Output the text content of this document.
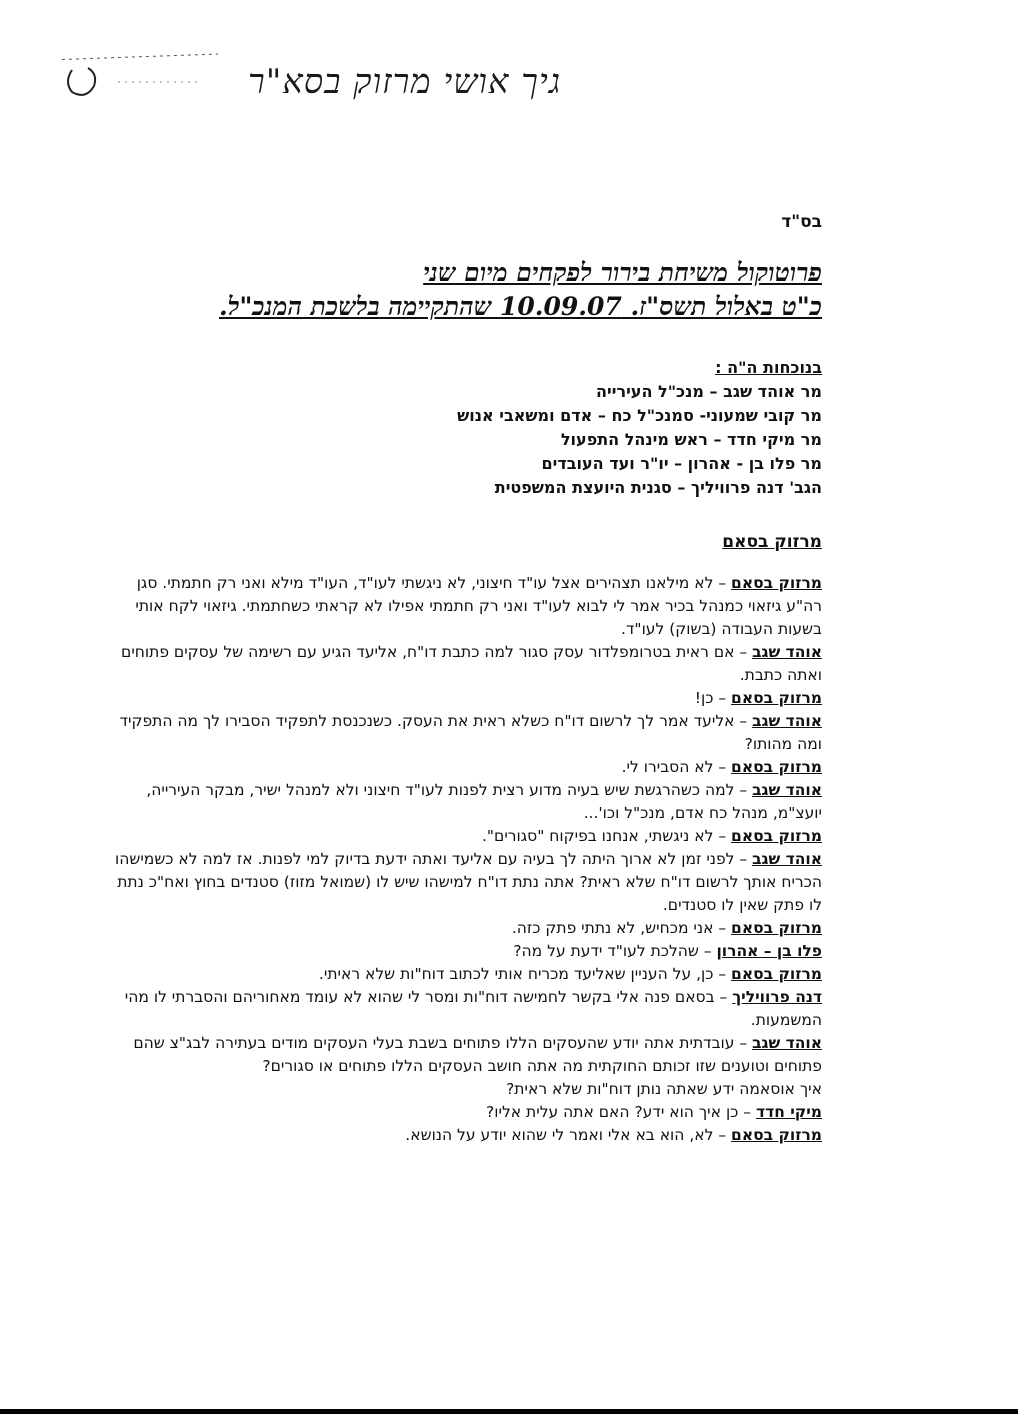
גיך אושי מרזוק בסא"ר
בס"ד
פרוטוקול משיחת בירור לפקחים מיום שני
כ"ט באלול תשס"ז. 10.09.07 שהתקיימה בלשכת המנכ"ל.
בנוכחות ה"ה :
מר אוהד שגב – מנכ"ל העירייה
מר קובי שמעוני- סמנכ"ל כח – אדם ומשאבי אנוש
מר מיקי חדד – ראש מינהל התפעול
מר פלו בן - אהרון – יו"ר ועד העובדים
הגב' דנה פרוויליך – סגנית היועצת המשפטית
מרזוק בסאם

מרזוק בסאם – לא מילאנו תצהירים אצל עו"ד חיצוני, לא ניגשתי לעו"ד, העו"ד מילא ואני רק חתמתי. סגן רה"ע גיזאוי כמנהל בכיר אמר לי לבוא לעו"ד ואני רק חתמתי אפילו לא קראתי כשחתמתי. גיזאוי לקח אותי בשעות העבודה (בשוק) לעו"ד.

אוהד שגב – אם ראית בטרומפלדור עסק סגור למה כתבת דו"ח, אליעד הגיע עם רשימה של עסקים פתוחים ואתה כתבת.

מרזוק בסאם – כן!

אוהד שגב – אליעד אמר לך לרשום דו"ח כשלא ראית את העסק. כשנכנסת לתפקיד הסבירו לך מה התפקיד ומה מהותו?

מרזוק בסאם – לא הסבירו לי.

אוהד שגב – למה כשהרגשת שיש בעיה מדוע רצית לפנות לעו"ד חיצוני ולא למנהל ישיר, מבקר העירייה, יועצ"מ, מנהל כח אדם, מנכ"ל וכו'...

מרזוק בסאם – לא ניגשתי, אנחנו בפיקוח "סגורים".

אוהד שגב – לפני זמן לא ארוך היתה לך בעיה עם אליעד ואתה ידעת בדיוק למי לפנות. אז למה לא כשמישהו הכריח אותך לרשום דו"ח שלא ראית? אתה נתת דו"ח למישהו שיש לו (שמואל מזוז) סטנדים בחוץ ואח"כ נתת לו פתק שאין לו סטנדים.

מרזוק בסאם – אני מכחיש, לא נתתי פתק כזה.

פלו בן – אהרון – שהלכת לעו"ד ידעת על מה?

מרזוק בסאם – כן, על העניין שאליעד מכריח אותי לכתוב דוח"ות שלא ראיתי.

דנה פרוויליך – בסאם פנה אלי בקשר לחמישה דוח"ות ומסר לי שהוא לא עומד מאחוריהם והסברתי לו מהי המשמעות.

אוהד שגב – עובדתית אתה יודע שהעסקים הללו פתוחים בשבת בעלי העסקים מודים בעתירה לבג"צ שהם פתוחים וטוענים שזו זכותם החוקתית מה אתה חושב העסקים הללו פתוחים או סגורים?

איך אוסאמה ידע שאתה נותן דוח"ות שלא ראית?

מיקי חדד – כן איך הוא ידע? האם אתה עלית אליו?

מרזוק בסאם – לא, הוא בא אלי ואמר לי שהוא יודע על הנושא.
